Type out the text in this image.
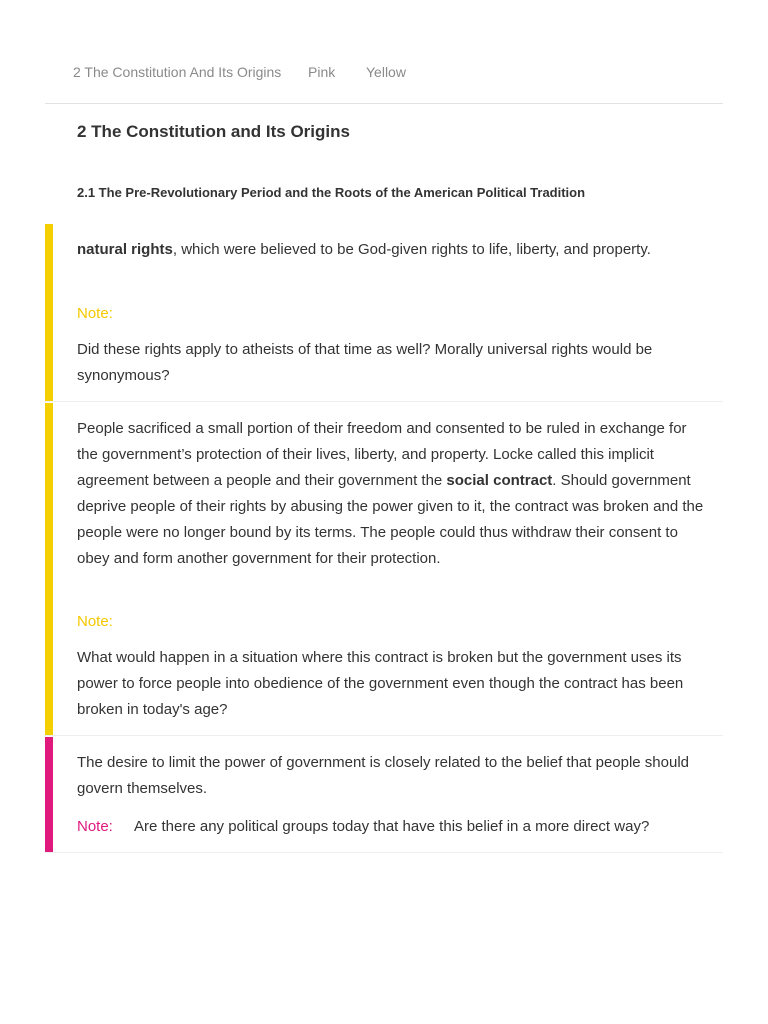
2 The Constitution And Its Origins Pink Yellow
2 The Constitution and Its Origins
2.1 The Pre-Revolutionary Period and the Roots of the American Political Tradition

natural rights, which were believed to be God-given rights to life, liberty, and property.

Note:

Did these rights apply to atheists of that time as well? Morally universal rights would be synonymous?

People sacrificed a small portion of their freedom and consented to be ruled in exchange for the government’s protection of their lives, liberty, and property. Locke called this implicit agreement between a people and their government the social contract. Should government deprive people of their rights by abusing the power given to it, the contract was broken and the people were no longer bound by its terms. The people could thus withdraw their consent to obey and form another government for their protection.

Note:

What would happen in a situation where this contract is broken but the government uses its power to force people into obedience of the government even though the contract has been broken in today's age?

The desire to limit the power of government is closely related to the belief that people should govern themselves.

Note: Are there any political groups today that have this belief in a more direct way?
